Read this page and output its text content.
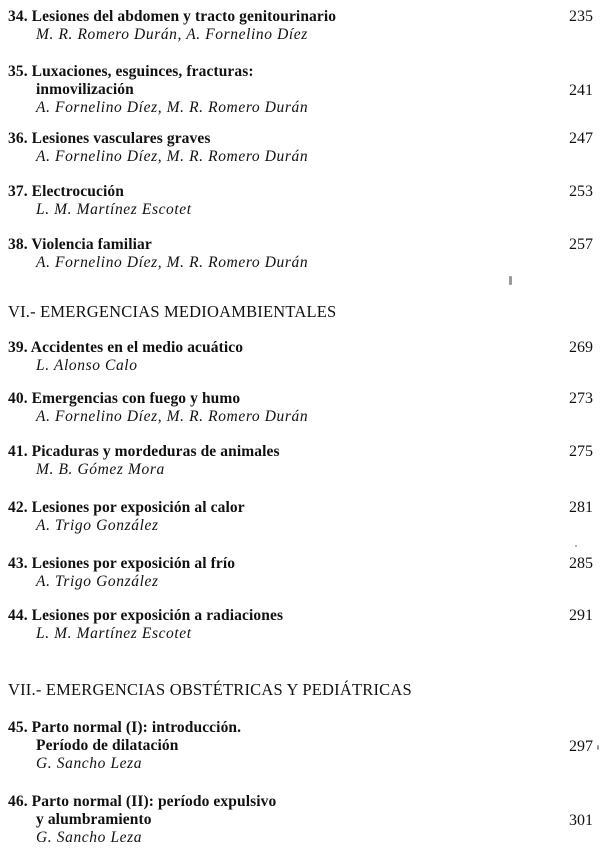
34. Lesiones del abdomen y tracto genitourinario
M. R. Romero Durán, A. Fornelino Díez
235
35. Luxaciones, esguinces, fracturas:
inmovilización
A. Fornelino Díez, M. R. Romero Durán
241
36. Lesiones vasculares graves
A. Fornelino Díez, M. R. Romero Durán
247
37. Electrocución
L. M. Martínez Escotet
253
38. Violencia familiar
A. Fornelino Díez, M. R. Romero Durán
257
VI.- EMERGENCIAS MEDIOAMBIENTALES
39. Accidentes en el medio acuático
L. Alonso Calo
269
40. Emergencias con fuego y humo
A. Fornelino Díez, M. R. Romero Durán
273
41. Picaduras y mordeduras de animales
M. B. Gómez Mora
275
42. Lesiones por exposición al calor
A. Trigo González
281
43. Lesiones por exposición al frío
A. Trigo González
285
44. Lesiones por exposición a radiaciones
L. M. Martínez Escotet
291
VII.- EMERGENCIAS OBSTÉTRICAS Y PEDIÁTRICAS
45. Parto normal (I): introducción.
Período de dilatación
G. Sancho Leza
297
46. Parto normal (II): período expulsivo
y alumbramiento
G. Sancho Leza
301
